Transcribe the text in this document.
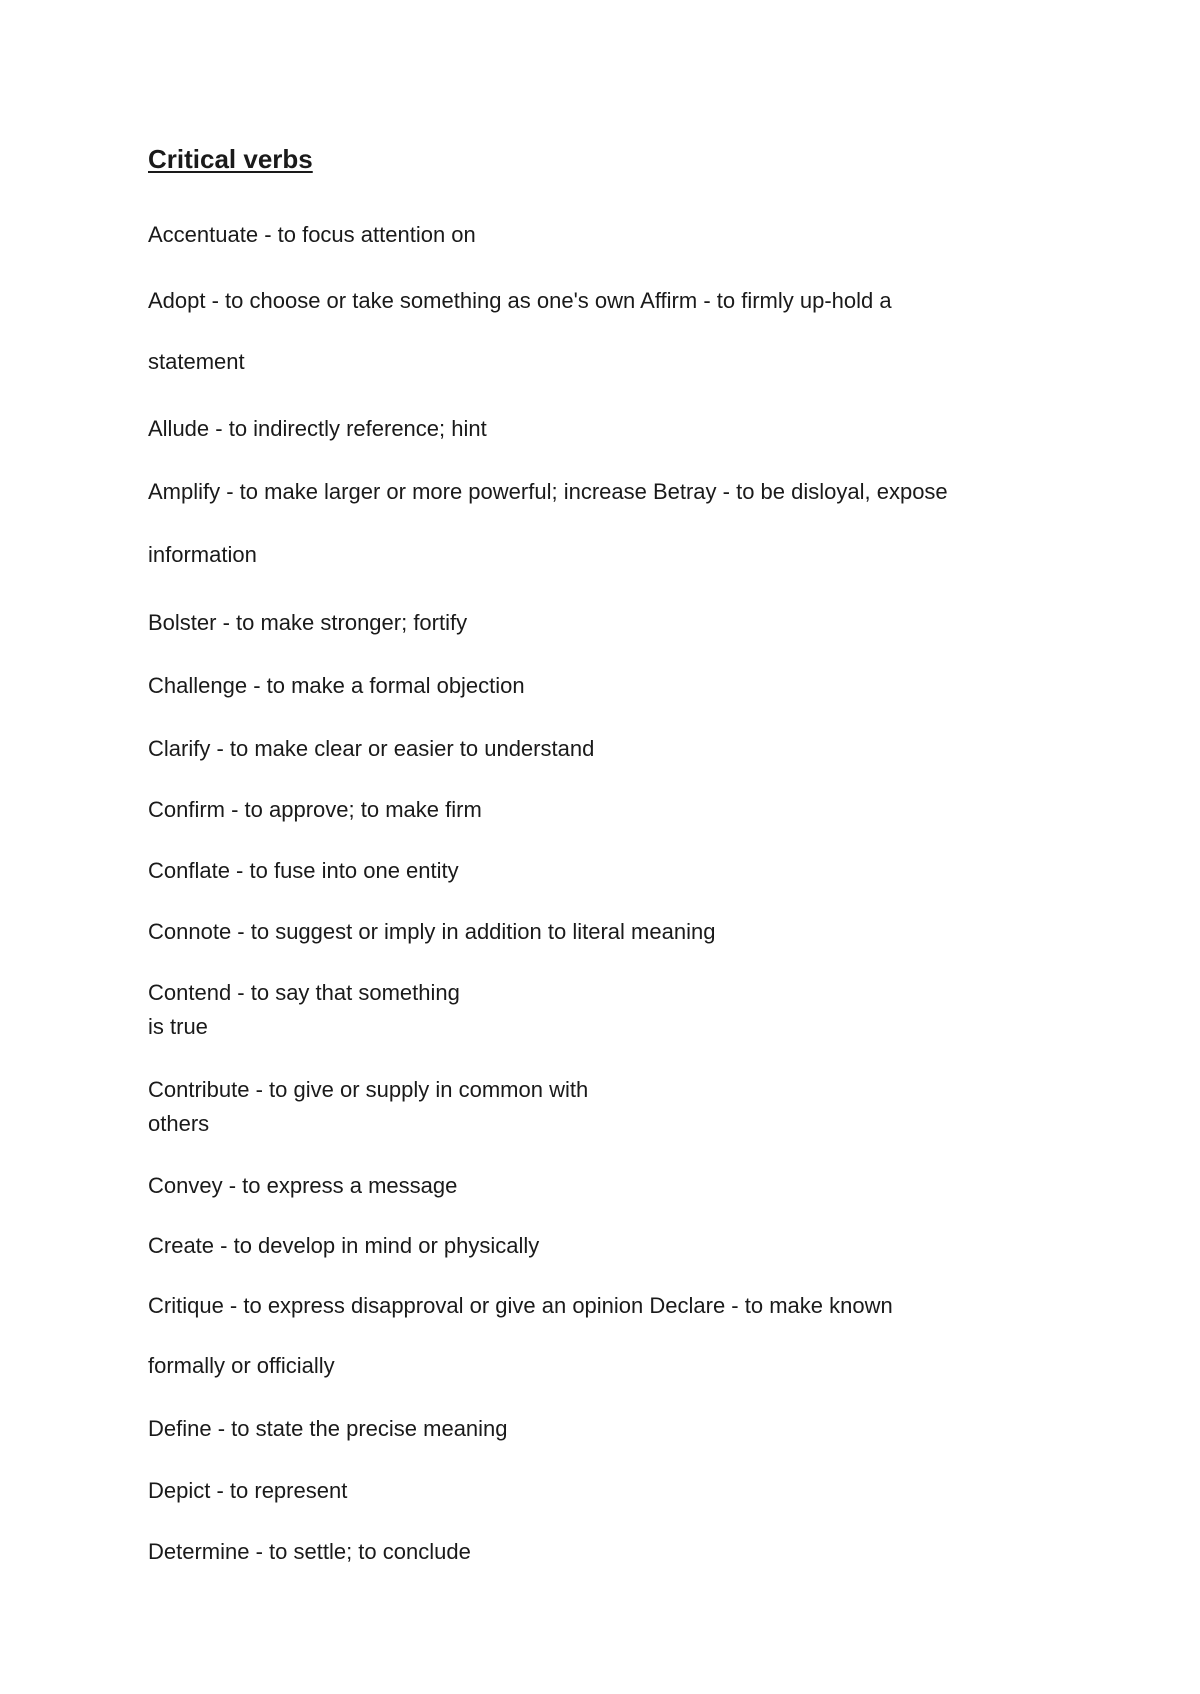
Critical verbs
Accentuate - to focus attention on
Adopt - to choose or take something as one's own Affirm - to firmly up-hold a
statement
Allude - to indirectly reference; hint
Amplify - to make larger or more powerful; increase Betray - to be disloyal, expose
information
Bolster - to make stronger; fortify
Challenge - to make a formal objection
Clarify - to make clear or easier to understand
Confirm - to approve; to make firm
Conflate - to fuse into one entity
Connote - to suggest or imply in addition to literal meaning
Contend - to say that something
is true
Contribute - to give or supply in common with
others
Convey - to express a message
Create - to develop in mind or physically
Critique - to express disapproval or give an opinion Declare - to make known
formally or officially
Define - to state the precise meaning
Depict - to represent
Determine - to settle; to conclude
